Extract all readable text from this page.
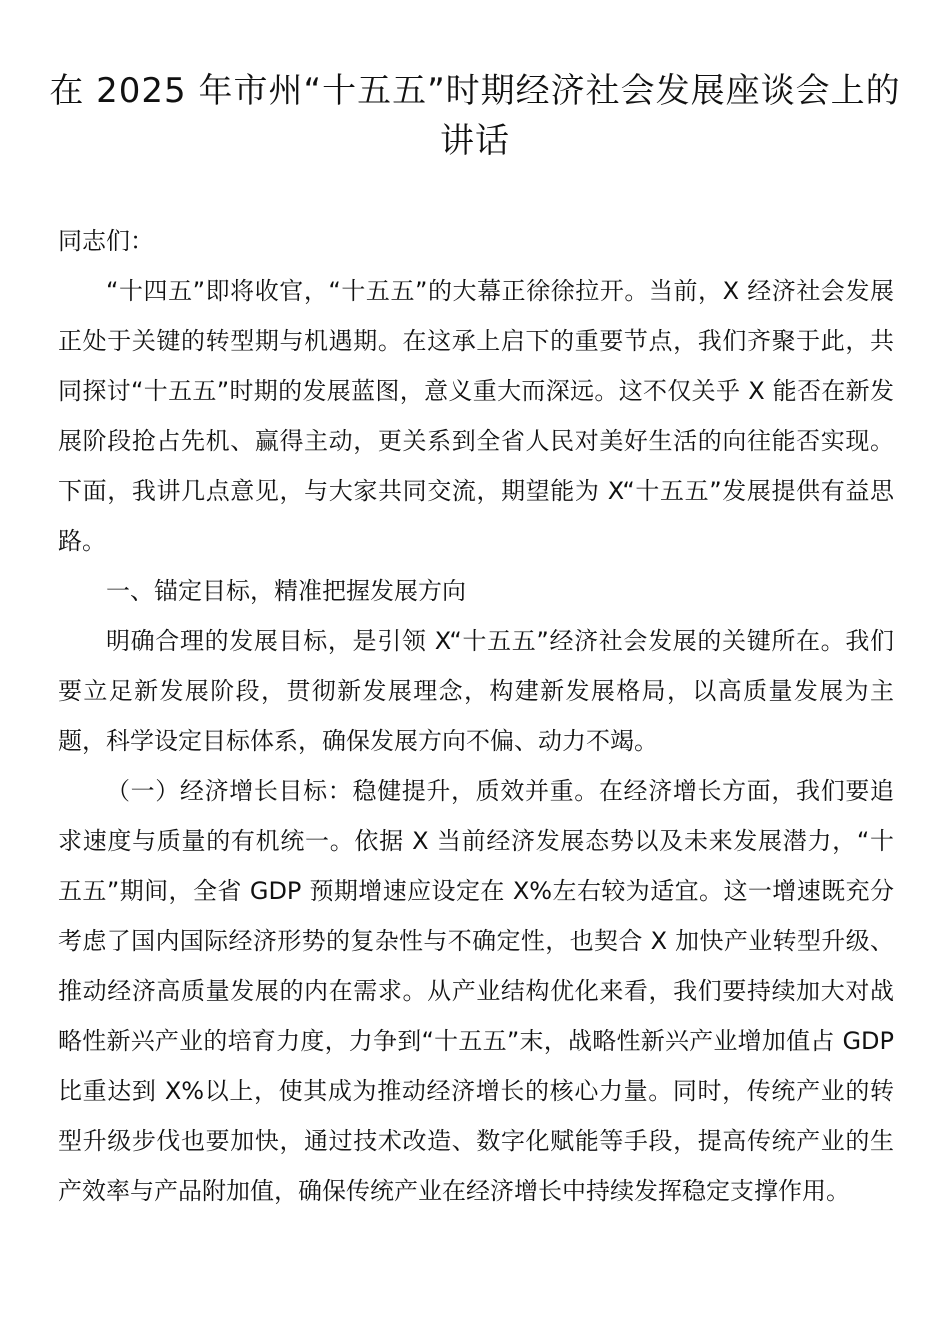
在 2025 年市州“十五五”时期经济社会发展座谈会上的讲话

同志们：

“十四五”即将收官，“十五五”的大幕正徐徐拉开。当前，X 经济社会发展正处于关键的转型期与机遇期。在这承上启下的重要节点，我们齐聚于此，共同探讨“十五五”时期的发展蓝图，意义重大而深远。这不仅关乎 X 能否在新发展阶段抢占先机、赢得主动，更关系到全省人民对美好生活的向往能否实现。下面，我讲几点意见，与大家共同交流，期望能为 X“十五五”发展提供有益思路。

一、锚定目标，精准把握发展方向

明确合理的发展目标，是引领 X“十五五”经济社会发展的关键所在。我们要立足新发展阶段，贯彻新发展理念，构建新发展格局，以高质量发展为主题，科学设定目标体系，确保发展方向不偏、动力不竭。

（一）经济增长目标：稳健提升，质效并重。在经济增长方面，我们要追求速度与质量的有机统一。依据 X 当前经济发展态势以及未来发展潜力，“十五五”期间，全省 GDP 预期增速应设定在 X%左右较为适宜。这一增速既充分考虑了国内国际经济形势的复杂性与不确定性，也契合 X 加快产业转型升级、推动经济高质量发展的内在需求。从产业结构优化来看，我们要持续加大对战略性新兴产业的培育力度，力争到“十五五”末，战略性新兴产业增加值占 GDP 比重达到 X%以上，使其成为推动经济增长的核心力量。同时，传统产业的转型升级步伐也要加快，通过技术改造、数字化赋能等手段，提高传统产业的生产效率与产品附加值，确保传统产业在经济增长中持续发挥稳定支撑作用。
